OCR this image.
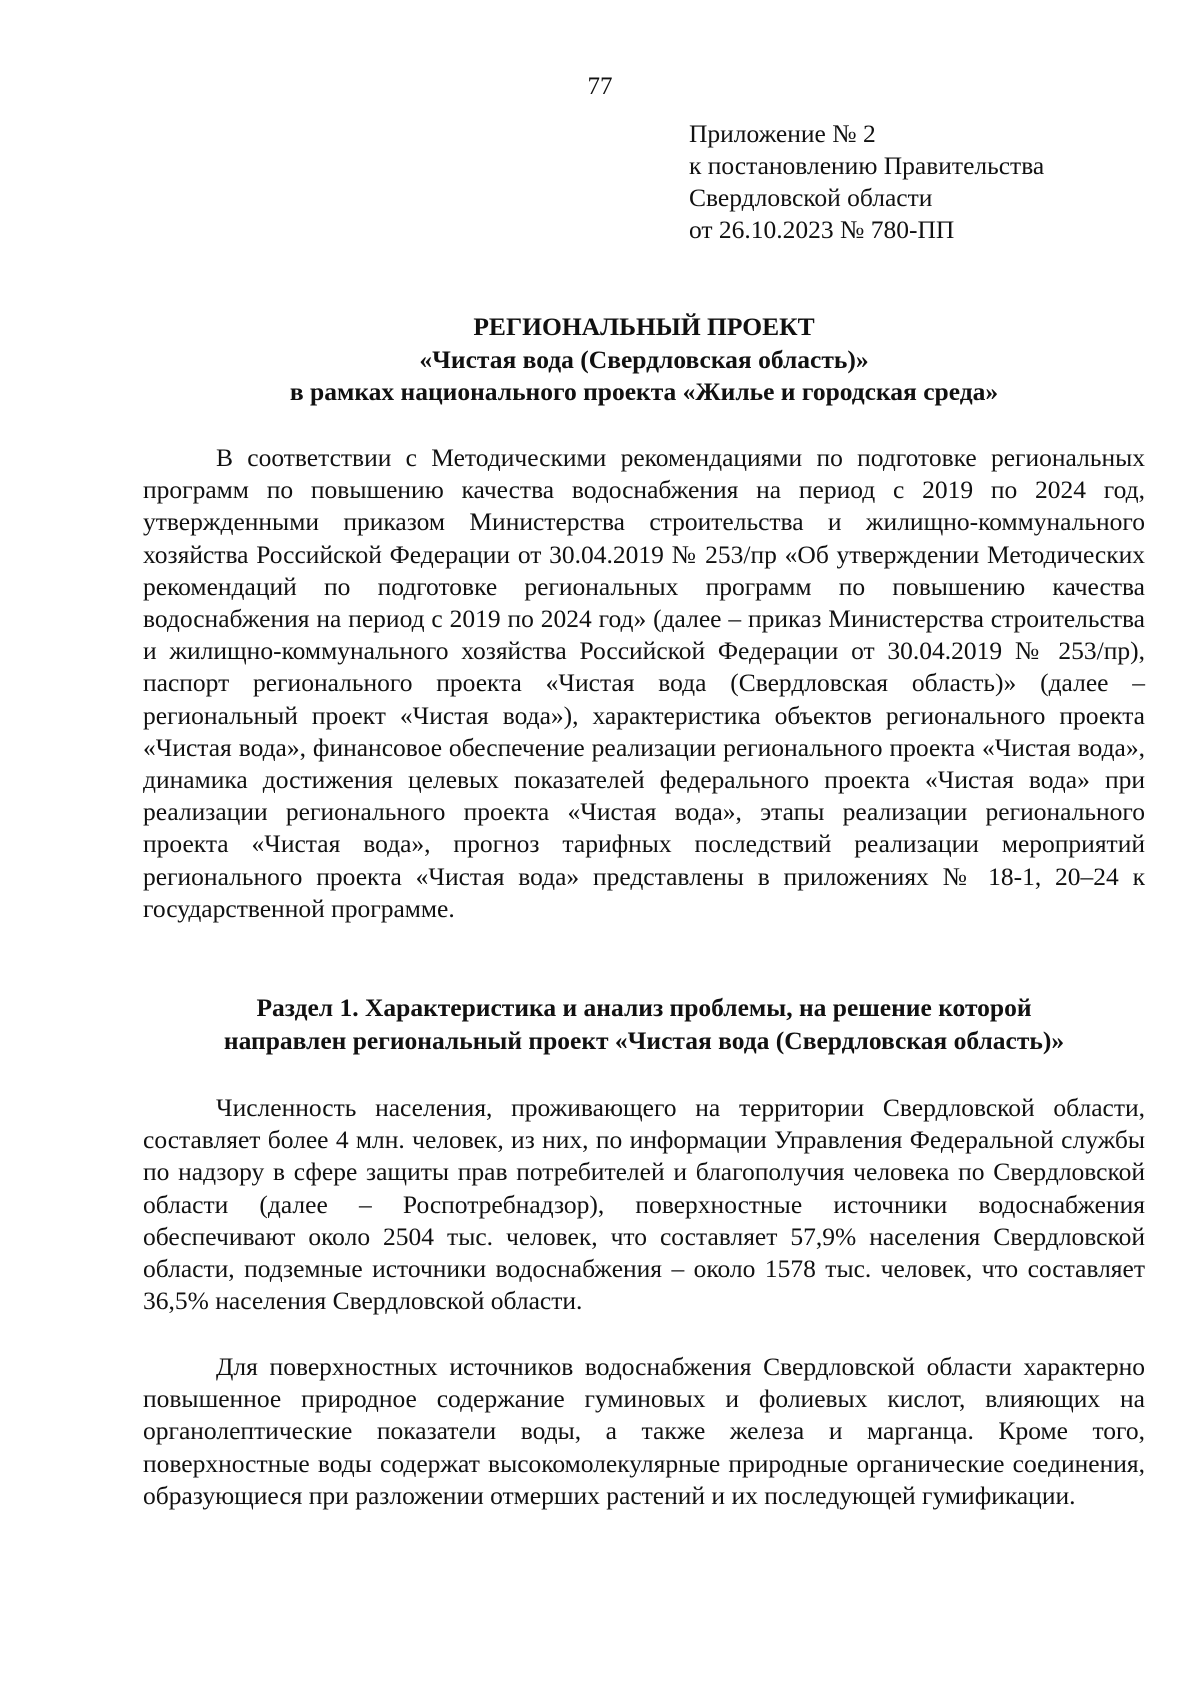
77
Приложение № 2
к постановлению Правительства
Свердловской области
от 26.10.2023 № 780-ПП
РЕГИОНАЛЬНЫЙ ПРОЕКТ
«Чистая вода (Свердловская область)»
в рамках национального проекта «Жилье и городская среда»

В соответствии с Методическими рекомендациями по подготовке региональных программ по повышению качества водоснабжения на период с 2019 по 2024 год, утвержденными приказом Министерства строительства и жилищно-коммунального хозяйства Российской Федерации от 30.04.2019 № 253/пр «Об утверждении Методических рекомендаций по подготовке региональных программ по повышению качества водоснабжения на период с 2019 по 2024 год» (далее – приказ Министерства строительства и жилищно-коммунального хозяйства Российской Федерации от 30.04.2019 № 253/пр), паспорт регионального проекта «Чистая вода (Свердловская область)» (далее – региональный проект «Чистая вода»), характеристика объектов регионального проекта «Чистая вода», финансовое обеспечение реализации регионального проекта «Чистая вода», динамика достижения целевых показателей федерального проекта «Чистая вода» при реализации регионального проекта «Чистая вода», этапы реализации регионального проекта «Чистая вода», прогноз тарифных последствий реализации мероприятий регионального проекта «Чистая вода» представлены в приложениях № 18-1, 20–24 к государственной программе.

Раздел 1. Характеристика и анализ проблемы, на решение которой
направлен региональный проект «Чистая вода (Свердловская область)»

Численность населения, проживающего на территории Свердловской области, составляет более 4 млн. человек, из них, по информации Управления Федеральной службы по надзору в сфере защиты прав потребителей и благополучия человека по Свердловской области (далее – Роспотребнадзор), поверхностные источники водоснабжения обеспечивают около 2504 тыс. человек, что составляет 57,9% населения Свердловской области, подземные источники водоснабжения – около 1578 тыс. человек, что составляет 36,5% населения Свердловской области.

Для поверхностных источников водоснабжения Свердловской области характерно повышенное природное содержание гуминовых и фолиевых кислот, влияющих на органолептические показатели воды, а также железа и марганца. Кроме того, поверхностные воды содержат высокомолекулярные природные органические соединения, образующиеся при разложении отмерших растений и их последующей гумификации.
